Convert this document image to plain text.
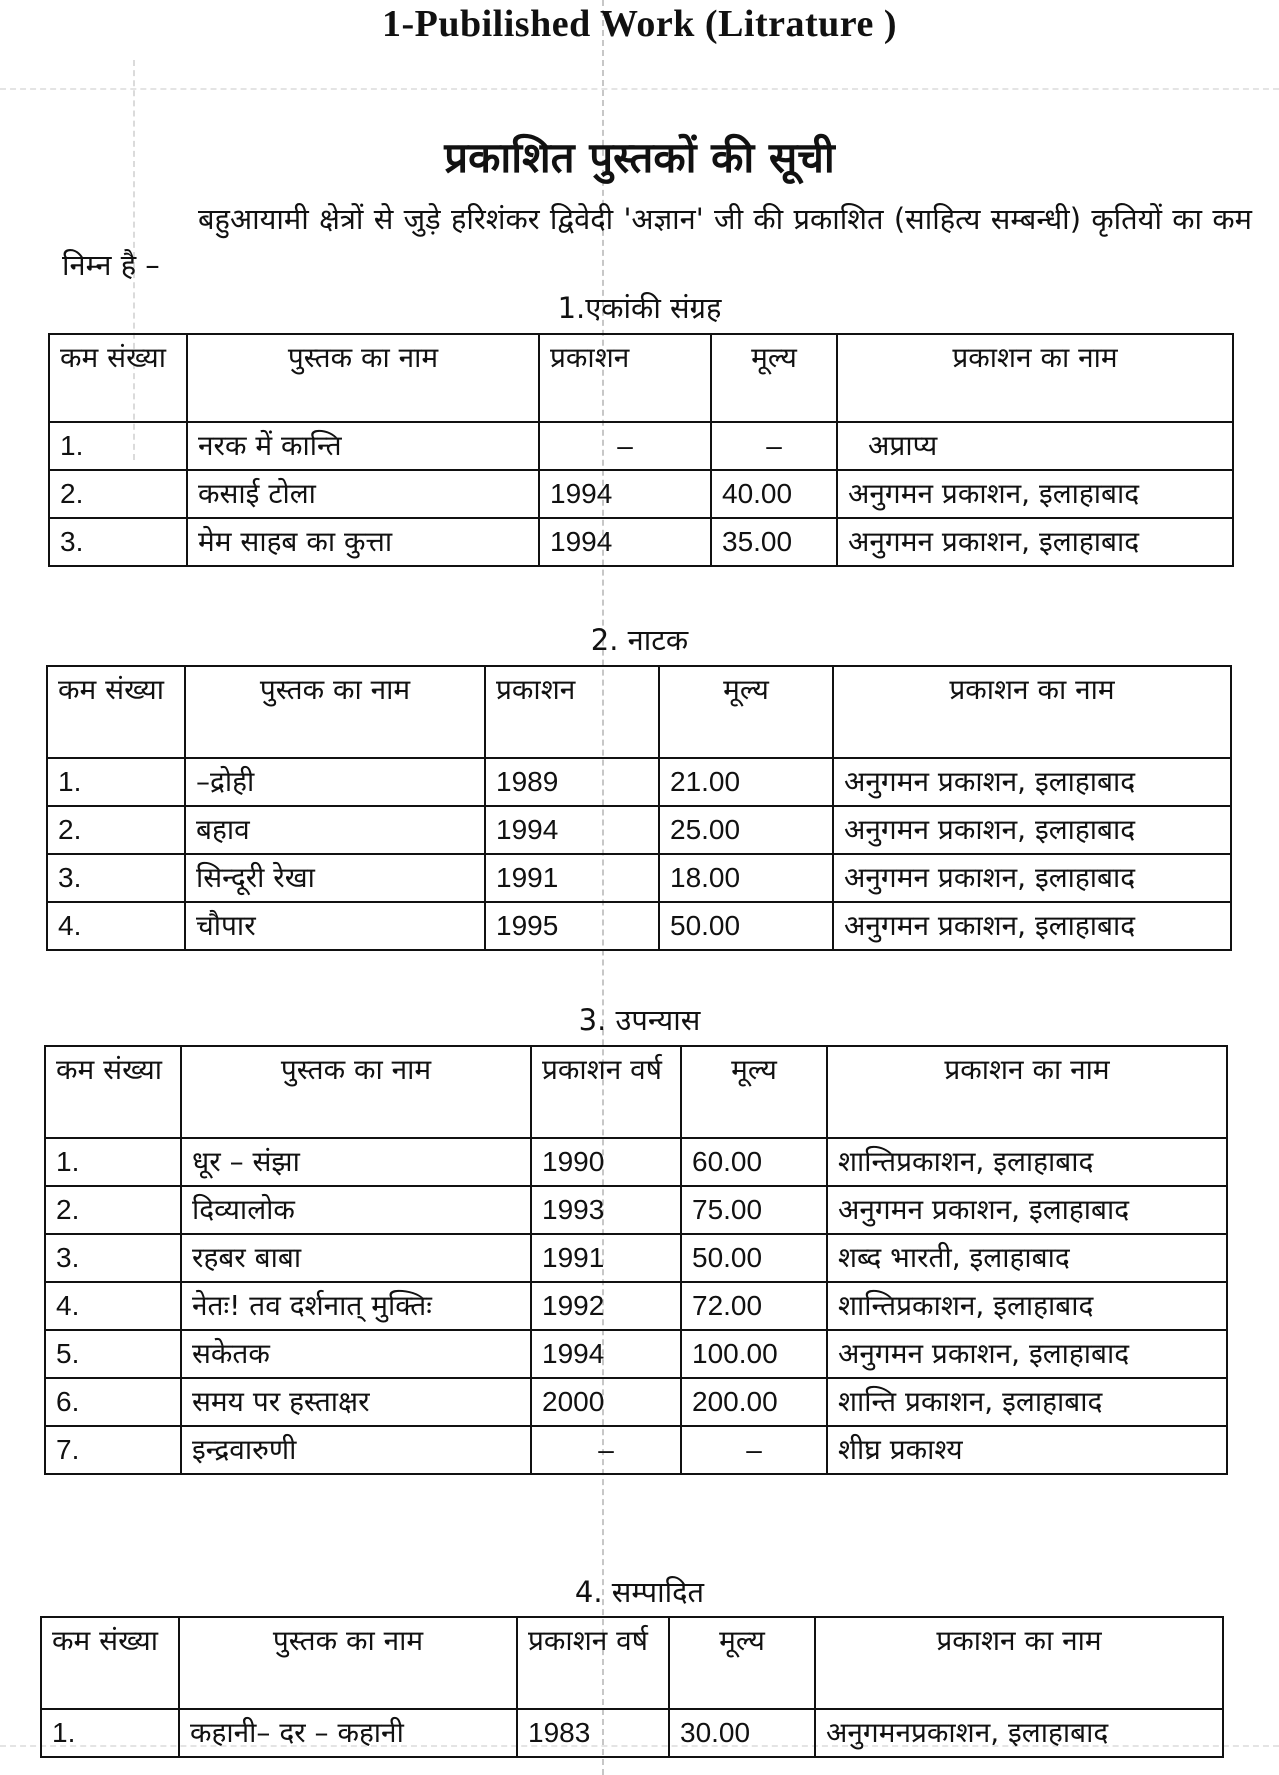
1-Pubilished Work (Litrature )
प्रकाशित पुस्तकों की सूची
बहुआयामी क्षेत्रों से जुड़े हरिशंकर द्विवेदी 'अज्ञान' जी की प्रकाशित (साहित्य सम्बन्धी) कृतियों का कम निम्न है –
1.एकांकी संग्रह
कम संख्या	पुस्तक का नाम	प्रकाशन	मूल्य	प्रकाशन का नाम
1.	नरक में कान्ति	–	–	अप्राप्य
2.	कसाई टोला	1994	40.00	अनुगमन प्रकाशन, इलाहाबाद
3.	मेम साहब का कुत्ता	1994	35.00	अनुगमन प्रकाशन, इलाहाबाद
2. नाटक
कम संख्या	पुस्तक का नाम	प्रकाशन	मूल्य	प्रकाशन का नाम
1.	–द्रोही	1989	21.00	अनुगमन प्रकाशन, इलाहाबाद
2.	बहाव	1994	25.00	अनुगमन प्रकाशन, इलाहाबाद
3.	सिन्दूरी रेखा	1991	18.00	अनुगमन प्रकाशन, इलाहाबाद
4.	चौपार	1995	50.00	अनुगमन प्रकाशन, इलाहाबाद
3. उपन्यास
कम संख्या	पुस्तक का नाम	प्रकाशन वर्ष	मूल्य	प्रकाशन का नाम
1.	धूर – संझा	1990	60.00	शान्तिप्रकाशन, इलाहाबाद
2.	दिव्यालोक	1993	75.00	अनुगमन प्रकाशन, इलाहाबाद
3.	रहबर बाबा	1991	50.00	शब्द भारती, इलाहाबाद
4.	नेतः! तव दर्शनात् मुक्तिः	1992	72.00	शान्तिप्रकाशन, इलाहाबाद
5.	सकेतक	1994	100.00	अनुगमन प्रकाशन, इलाहाबाद
6.	समय पर हस्ताक्षर	2000	200.00	शान्ति प्रकाशन, इलाहाबाद
7.	इन्द्रवारुणी	–	–	शीघ्र प्रकाश्य
4. सम्पादित
कम संख्या	पुस्तक का नाम	प्रकाशन वर्ष	मूल्य	प्रकाशन का नाम
1.	कहानी– दर – कहानी	1983	30.00	अनुगमनप्रकाशन, इलाहाबाद
